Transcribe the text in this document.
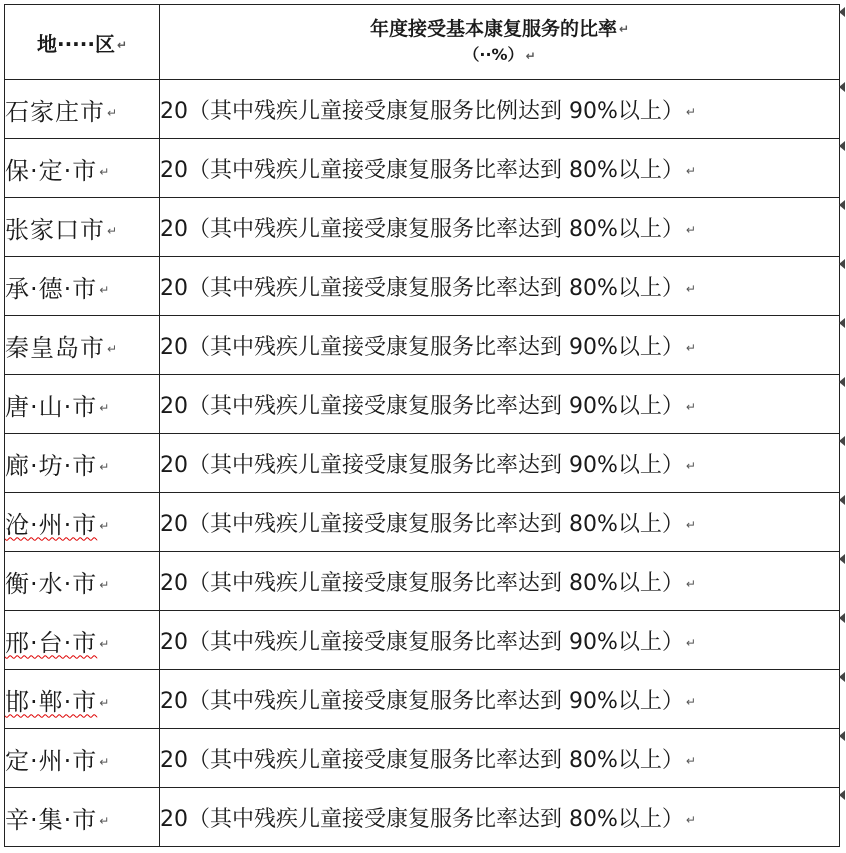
地·····区 ↵	年度接受基本康复服务的比率 ↵
（··%） ↵

石家庄市 ↵	20（其中残疾儿童接受康复服务比例达到 90%以上） ↵
保·定·市 ↵	20（其中残疾儿童接受康复服务比率达到 80%以上） ↵
张家口市 ↵	20（其中残疾儿童接受康复服务比率达到 80%以上） ↵
承·德·市 ↵	20（其中残疾儿童接受康复服务比率达到 80%以上） ↵
秦皇岛市 ↵	20（其中残疾儿童接受康复服务比率达到 90%以上） ↵
唐·山·市 ↵	20（其中残疾儿童接受康复服务比率达到 90%以上） ↵
廊·坊·市 ↵	20（其中残疾儿童接受康复服务比率达到 90%以上） ↵
沧·州·市 ↵	20（其中残疾儿童接受康复服务比率达到 80%以上） ↵
衡·水·市 ↵	20（其中残疾儿童接受康复服务比率达到 80%以上） ↵
邢·台·市 ↵	20（其中残疾儿童接受康复服务比率达到 90%以上） ↵
邯·郸·市 ↵	20（其中残疾儿童接受康复服务比率达到 90%以上） ↵
定·州·市 ↵	20（其中残疾儿童接受康复服务比率达到 80%以上） ↵
辛·集·市 ↵	20（其中残疾儿童接受康复服务比率达到 80%以上） ↵
